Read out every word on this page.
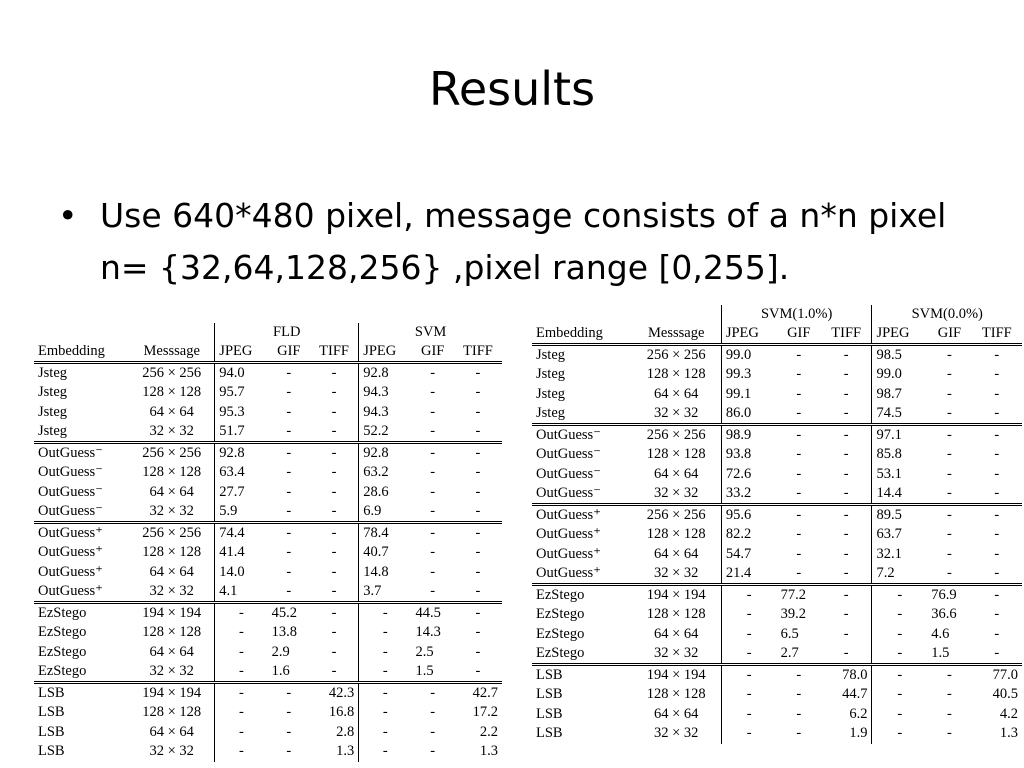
Results
• Use 640*480 pixel, message consists of a n*n pixel n= {32,64,128,256} ,pixel range [0,255].
		FLD			SVM		
Embedding	Messsage	JPEG	GIF	TIFF	JPEG	GIF	TIFF
Jsteg	256 × 256	94.0	-	-	92.8	-	-
Jsteg	128 × 128	95.7	-	-	94.3	-	-
Jsteg	64 × 64	95.3	-	-	94.3	-	-
Jsteg	32 × 32	51.7	-	-	52.2	-	-
OutGuess⁻	256 × 256	92.8	-	-	92.8	-	-
OutGuess⁻	128 × 128	63.4	-	-	63.2	-	-
OutGuess⁻	64 × 64	27.7	-	-	28.6	-	-
OutGuess⁻	32 × 32	5.9	-	-	6.9	-	-
OutGuess⁺	256 × 256	74.4	-	-	78.4	-	-
OutGuess⁺	128 × 128	41.4	-	-	40.7	-	-
OutGuess⁺	64 × 64	14.0	-	-	14.8	-	-
OutGuess⁺	32 × 32	4.1	-	-	3.7	-	-
EzStego	194 × 194	-	45.2	-	-	44.5	-
EzStego	128 × 128	-	13.8	-	-	14.3	-
EzStego	64 × 64	-	2.9	-	-	2.5	-
EzStego	32 × 32	-	1.6	-	-	1.5	-
LSB	194 × 194	-	-	42.3	-	-	42.7
LSB	128 × 128	-	-	16.8	-	-	17.2
LSB	64 × 64	-	-	2.8	-	-	2.2
LSB	32 × 32	-	-	1.3	-	-	1.3
		SVM(1.0%)			SVM(0.0%)		
Embedding	Messsage	JPEG	GIF	TIFF	JPEG	GIF	TIFF
Jsteg	256 × 256	99.0	-	-	98.5	-	-
Jsteg	128 × 128	99.3	-	-	99.0	-	-
Jsteg	64 × 64	99.1	-	-	98.7	-	-
Jsteg	32 × 32	86.0	-	-	74.5	-	-
OutGuess⁻	256 × 256	98.9	-	-	97.1	-	-
OutGuess⁻	128 × 128	93.8	-	-	85.8	-	-
OutGuess⁻	64 × 64	72.6	-	-	53.1	-	-
OutGuess⁻	32 × 32	33.2	-	-	14.4	-	-
OutGuess⁺	256 × 256	95.6	-	-	89.5	-	-
OutGuess⁺	128 × 128	82.2	-	-	63.7	-	-
OutGuess⁺	64 × 64	54.7	-	-	32.1	-	-
OutGuess⁺	32 × 32	21.4	-	-	7.2	-	-
EzStego	194 × 194	-	77.2	-	-	76.9	-
EzStego	128 × 128	-	39.2	-	-	36.6	-
EzStego	64 × 64	-	6.5	-	-	4.6	-
EzStego	32 × 32	-	2.7	-	-	1.5	-
LSB	194 × 194	-	-	78.0	-	-	77.0
LSB	128 × 128	-	-	44.7	-	-	40.5
LSB	64 × 64	-	-	6.2	-	-	4.2
LSB	32 × 32	-	-	1.9	-	-	1.3
